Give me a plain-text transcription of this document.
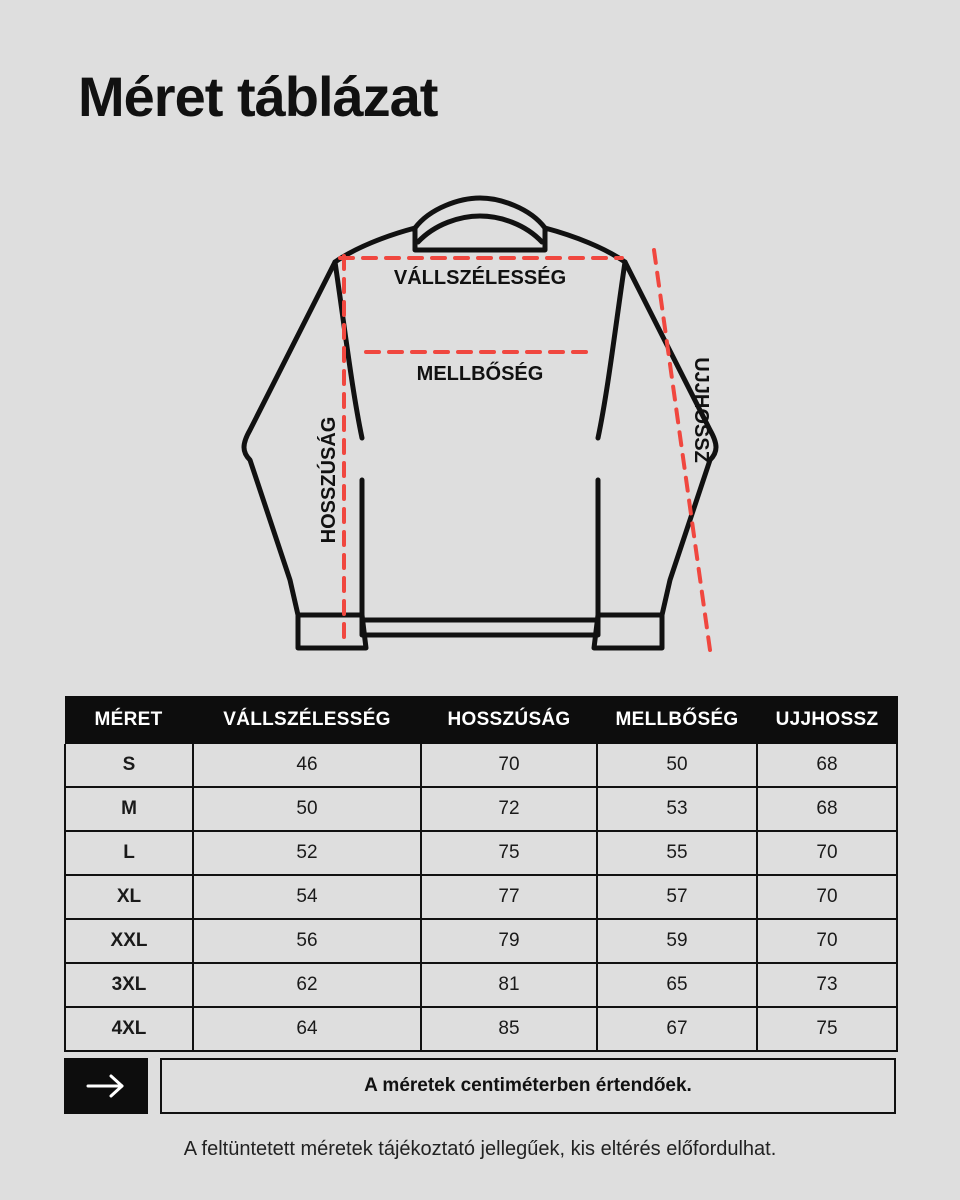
Méret táblázat
VÁLLSZÉLESSÉG
MELLBŐSÉG
HOSSZÚSÁG
UJJHOSSZ
MÉRET	VÁLLSZÉLESSÉG	HOSSZÚSÁG	MELLBŐSÉG	UJJHOSSZ
S	46	70	50	68
M	50	72	53	68
L	52	75	55	70
XL	54	77	57	70
XXL	56	79	59	70
3XL	62	81	65	73
4XL	64	85	67	75
A méretek centiméterben értendőek.
A feltüntetett méretek tájékoztató jellegűek, kis eltérés előfordulhat.
